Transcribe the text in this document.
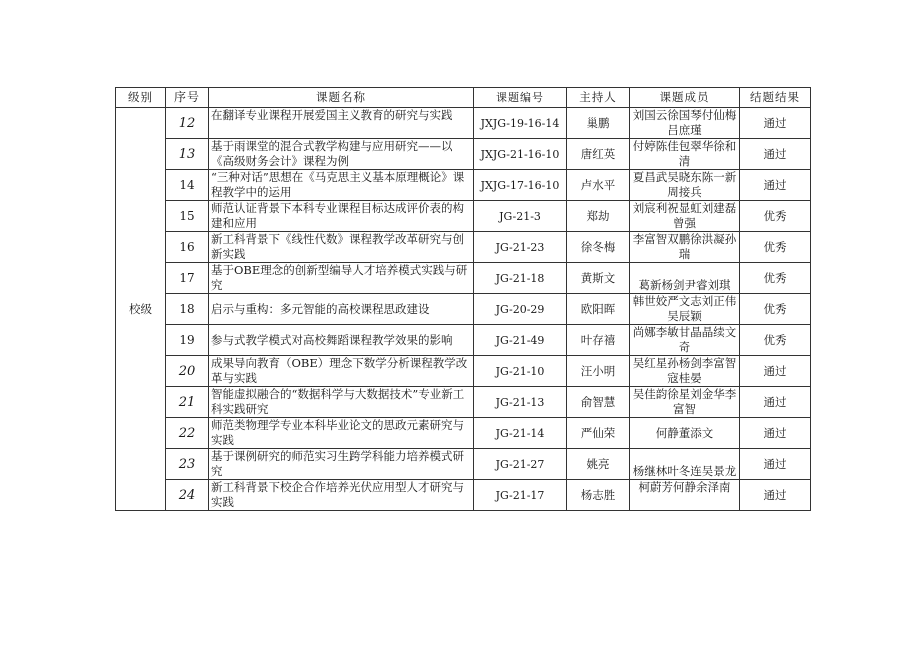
级别	序号	课题名称	课题编号	主持人	课题成员	结题结果
校级	12	在翻译专业课程开展爱国主义教育的研究与实践	JXJG-19-16-14	巢鹏	刘国云徐国琴付仙梅吕庶瑾	通过
	13	基于雨课堂的混合式教学构建与应用研究——以《高级财务会计》课程为例	JXJG-21-16-10	唐红英	付婷陈佳包翠华徐和清	通过
	14	“三种对话”思想在《马克思主义基本原理概论》课程教学中的运用	JXJG-17-16-10	卢水平	夏昌武吴晓东陈一新周接兵	通过
	15	师范认证背景下本科专业课程目标达成评价表的构建和应用	JG-21-3	郑劫	刘宸利祝显虹刘建磊曾强	优秀
	16	新工科背景下《线性代数》课程教学改革研究与创新实践	JG-21-23	徐冬梅	李富智双鹏徐洪凝孙瑞	优秀
	17	基于OBE理念的创新型编导人才培养模式实践与研究	JG-21-18	黄斯文	葛新杨剑尹睿刘琪	优秀
	18	启示与重构：多元智能的高校课程思政建设	JG-20-29	欧阳晖	韩世姣严文志刘正伟吴辰颖	优秀
	19	参与式教学模式对高校舞蹈课程教学效果的影响	JG-21-49	叶存禧	尚娜李敏甘晶晶续文奇	优秀
	20	成果导向教育（OBE）理念下数学分析课程教学改革与实践	JG-21-10	汪小明	吴红星孙杨剑李富智寇桂晏	通过
	21	智能虚拟融合的“数据科学与大数据技术”专业新工科实践研究	JG-21-13	俞智慧	吴佳韵徐星刘金华李富智	通过
	22	师范类物理学专业本科毕业论文的思政元素研究与实践	JG-21-14	严仙荣	何静董添文	通过
	23	基于课例研究的师范实习生跨学科能力培养模式研究	JG-21-27	姚亮	杨继林叶冬连吴景龙	通过
	24	新工科背景下校企合作培养光伏应用型人才研究与实践	JG-21-17	杨志胜	柯蔚芳何静余泽南	通过
